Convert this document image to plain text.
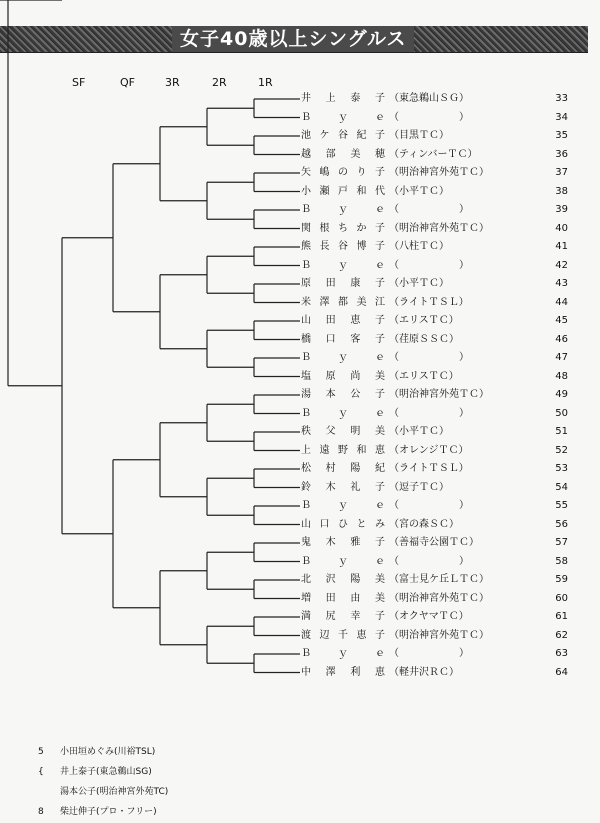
女子40歳以上シングルス
SF	QF	3R	2R	1R
井上泰子 （東急鵜山ＳＧ）	33
Ｂｙｅ （　　　　　　）	34
池ケ谷紀子 （目黒ＴＣ）	35
越部美穂 （ティンバーＴＣ）	36
矢嶋のり子 （明治神宮外苑ＴＣ）	37
小瀬戸和代 （小平ＴＣ）	38
Ｂｙｅ （　　　　　　）	39
関根ちか子 （明治神宮外苑ＴＣ）	40
熊長谷博子 （八柱ＴＣ）	41
Ｂｙｅ （　　　　　　）	42
原田康子 （小平ＴＣ）	43
米澤都美江 （ライトＴＳＬ）	44
山田恵子 （エリスＴＣ）	45
橋口客子 （荏原ＳＳＣ）	46
Ｂｙｅ （　　　　　　）	47
塩原尚美 （エリスＴＣ）	48
湯本公子 （明治神宮外苑ＴＣ）	49
Ｂｙｅ （　　　　　　）	50
秩父明美 （小平ＴＣ）	51
上遠野和恵 （オレンジＴＣ）	52
松村陽紀 （ライトＴＳＬ）	53
鈴木礼子 （逗子ＴＣ）	54
Ｂｙｅ （　　　　　　）	55
山口ひとみ （宮の森ＳＣ）	56
鬼木雅子 （善福寺公園ＴＣ）	57
Ｂｙｅ （　　　　　　）	58
北沢陽美 （富士見ケ丘ＬＴＣ）	59
増田由美 （明治神宮外苑ＴＣ）	60
満尻幸子 （オクヤマＴＣ）	61
渡辺千恵子 （明治神宮外苑ＴＣ）	62
Ｂｙｅ （　　　　　　）	63
中澤利恵 （軽井沢ＲＣ）	64
5 小田垣めぐみ(川裕TSL)
{ 井上泰子(東急鵜山SG)
湯本公子(明治神宮外苑TC)
8 柴辻伸子(プロ・フリー)
